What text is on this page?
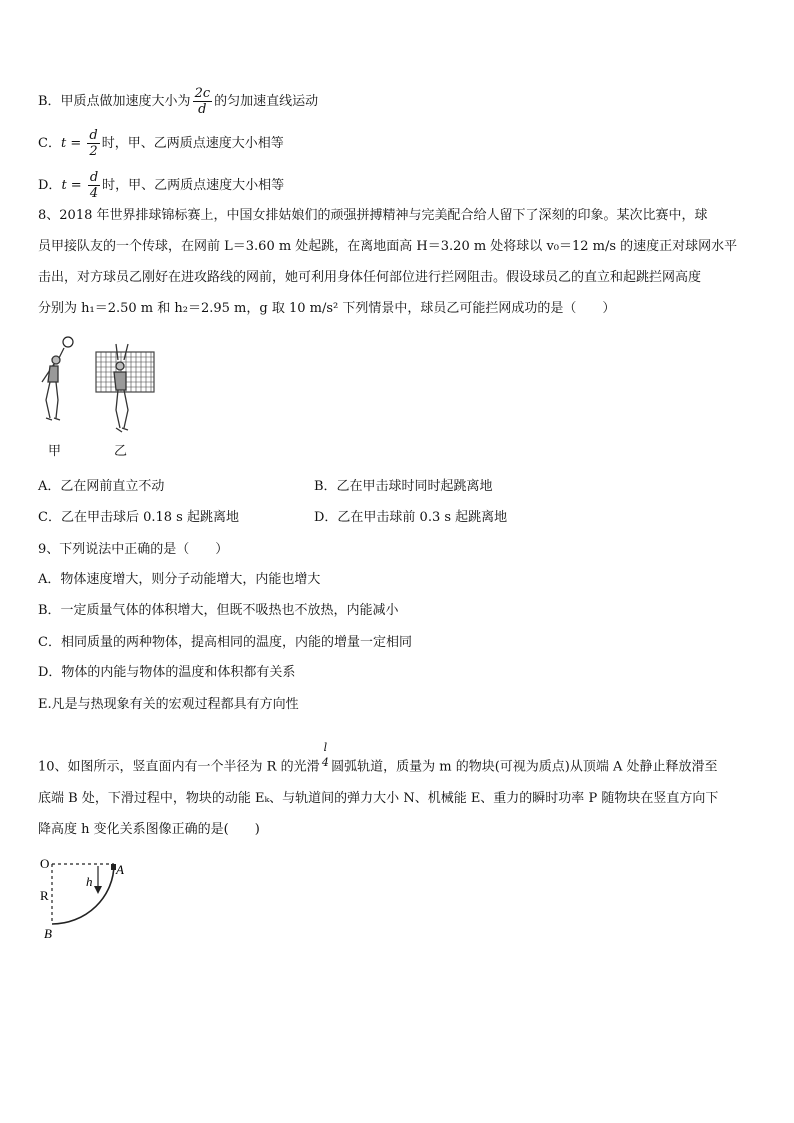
B．甲质点做加速度大小为 $\frac{2c}{d}$ 的匀加速直线运动
C．$t = \frac{d}{2}$ 时，甲、乙两质点速度大小相等
D．$t = \frac{d}{4}$ 时，甲、乙两质点速度大小相等
8、2018 年世界排球锦标赛上，中国女排姑娘们的顽强拼搏精神与完美配合给人留下了深刻的印象。某次比赛中，球
员甲接队友的一个传球，在网前 L＝3.60 m 处起跳，在离地面高 H＝3.20 m 处将球以 v₀＝12 m/s 的速度正对球网水平
击出，对方球员乙刚好在进攻路线的网前，她可利用身体任何部位进行拦网阻击。假设球员乙的直立和起跳拦网高度
分别为 h₁＝2.50 m 和 h₂＝2.95 m，g 取 10 m/s² 下列情景中，球员乙可能拦网成功的是（　　）
甲	乙
A．乙在网前直立不动	B．乙在甲击球时同时起跳离地
C．乙在甲击球后 0.18 s 起跳离地	D．乙在甲击球前 0.3 s 起跳离地
9、下列说法中正确的是（　　）
A．物体速度增大，则分子动能增大，内能也增大
B．一定质量气体的体积增大，但既不吸热也不放热，内能减小
C．相同质量的两种物体，提高相同的温度，内能的增量一定相同
D．物体的内能与物体的温度和体积都有关系
E.凡是与热现象有关的宏观过程都具有方向性
10、如图所示，竖直面内有一个半径为 R 的光滑
l
4 圆弧轨道，质量为 m 的物块(可视为质点)从顶端 A 处静止释放滑至
底端 B 处，下滑过程中，物块的动能 Eₖ、与轨道间的弹力大小 N、机械能 E、重力的瞬时功率 P 随物块在竖直方向下
降高度 h 变化关系图像正确的是(　　)
O
R
h
A
B
